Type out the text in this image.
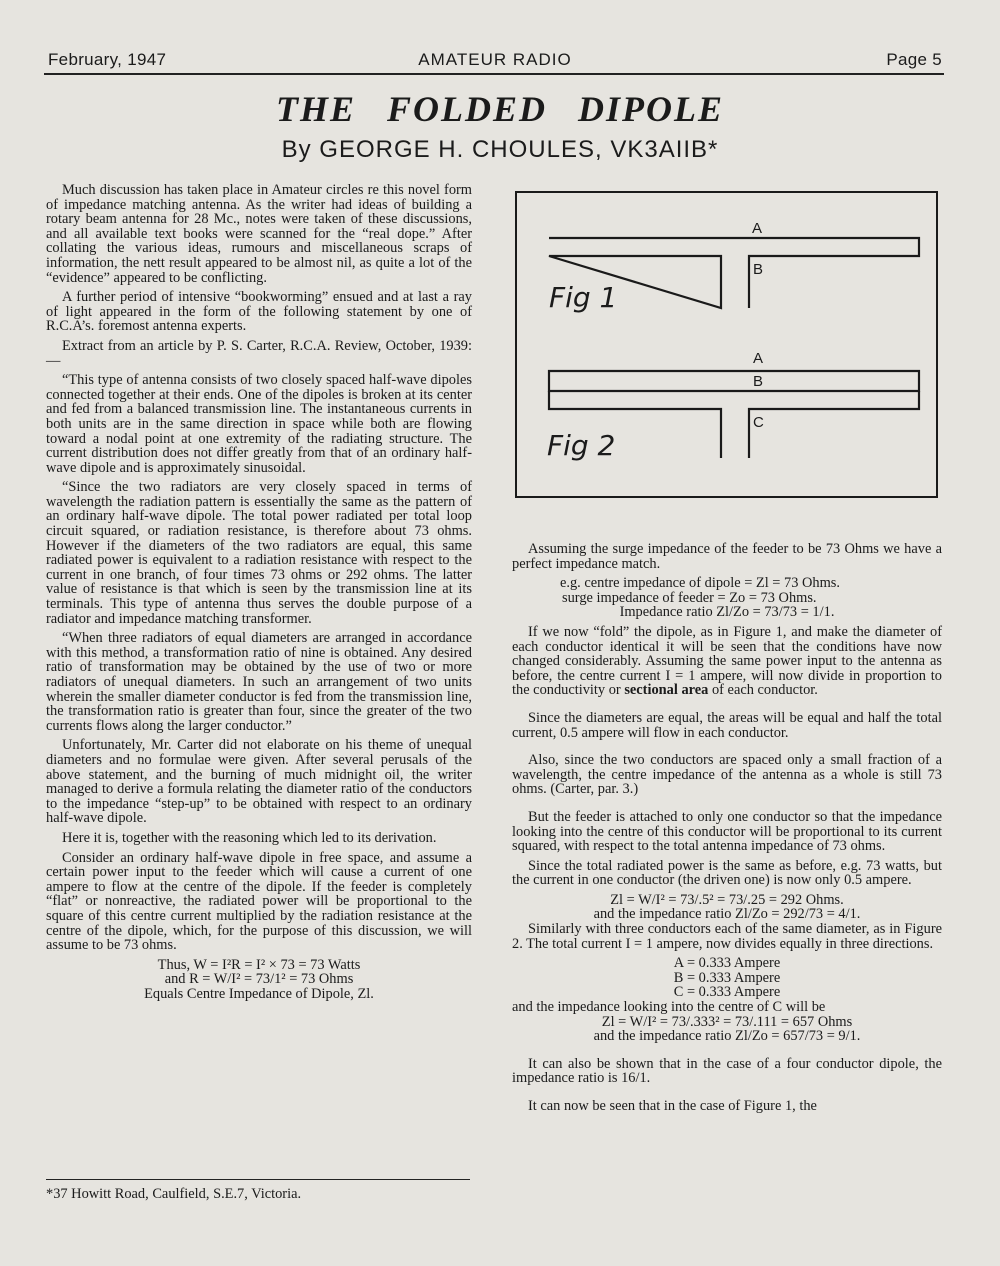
February, 1947	AMATEUR RADIO	Page 5
THE FOLDED DIPOLE
By GEORGE H. CHOULES, VK3AIIB*

Much discussion has taken place in Amateur circles re this novel form of impedance matching antenna. As the writer had ideas of building a rotary beam antenna for 28 Mc., notes were taken of these discussions, and all available text books were scanned for the “real dope.” After collating the various ideas, rumours and miscellaneous scraps of information, the nett result appeared to be almost nil, as quite a lot of the “evidence” appeared to be conflicting.

A further period of intensive “bookworming” ensued and at last a ray of light appeared in the form of the following statement by one of R.C.A’s. foremost antenna experts.

Extract from an article by P. S. Carter, R.C.A. Review, October, 1939:—

“This type of antenna consists of two closely spaced half-wave dipoles connected together at their ends. One of the dipoles is broken at its center and fed from a balanced transmission line. The instantaneous currents in both units are in the same direction in space while both are flowing toward a nodal point at one extremity of the radiating structure. The current distribution does not differ greatly from that of an ordinary half-wave dipole and is approximately sinusoidal.

“Since the two radiators are very closely spaced in terms of wavelength the radiation pattern is essentially the same as the pattern of an ordinary half-wave dipole. The total power radiated per total loop circuit squared, or radiation resistance, is therefore about 73 ohms. However if the diameters of the two radiators are equal, this same radiated power is equivalent to a radiation resistance with respect to the current in one branch, of four times 73 ohms or 292 ohms. The latter value of resistance is that which is seen by the transmission line at its terminals. This type of antenna thus serves the double purpose of a radiator and impedance matching transformer.

“When three radiators of equal diameters are arranged in accordance with this method, a transformation ratio of nine is obtained. Any desired ratio of transformation may be obtained by the use of two or more radiators of unequal diameters. In such an arrangement of two units wherein the smaller diameter conductor is fed from the transmission line, the transformation ratio is greater than four, since the greater of the two currents flows along the larger conductor.”

Unfortunately, Mr. Carter did not elaborate on his theme of unequal diameters and no formulae were given. After several perusals of the above statement, and the burning of much midnight oil, the writer managed to derive a formula relating the diameter ratio of the conductors to the impedance “step-up” to be obtained with respect to an ordinary half-wave dipole.

Here it is, together with the reasoning which led to its derivation.

Consider an ordinary half-wave dipole in free space, and assume a certain power input to the feeder which will cause a current of one ampere to flow at the centre of the dipole. If the feeder is completely “flat” or nonreactive, the radiated power will be proportional to the square of this centre current multiplied by the radiation resistance at the centre of the dipole, which, for the purpose of this discussion, we will assume to be 73 ohms.

Thus, W = I²R = I² × 73 = 73 Watts

and R = W/I² = 73/1² = 73 Ohms

Equals Centre Impedance of Dipole, Zl.

*37 Howitt Road, Caulfield, S.E.7, Victoria.
A
B
Fig 1
A
B
C
Fig 2

Assuming the surge impedance of the feeder to be 73 Ohms we have a perfect impedance match.

e.g. centre impedance of dipole = Zl = 73 Ohms.

surge impedance of feeder = Zo = 73 Ohms.

Impedance ratio Zl/Zo = 73/73 = 1/1.

If we now “fold” the dipole, as in Figure 1, and make the diameter of each conductor identical it will be seen that the conditions have now changed considerably. Assuming the same power input to the antenna as before, the centre current I = 1 ampere, will now divide in proportion to the conductivity or sectional area of each conductor.

Since the diameters are equal, the areas will be equal and half the total current, 0.5 ampere will flow in each conductor.

Also, since the two conductors are spaced only a small fraction of a wavelength, the centre impedance of the antenna as a whole is still 73 ohms. (Carter, par. 3.)

But the feeder is attached to only one conductor so that the impedance looking into the centre of this conductor will be proportional to its current squared, with respect to the total antenna impedance of 73 ohms.

Since the total radiated power is the same as before, e.g. 73 watts, but the current in one conductor (the driven one) is now only 0.5 ampere.

Zl = W/I² = 73/.5² = 73/.25 = 292 Ohms.

and the impedance ratio Zl/Zo = 292/73 = 4/1.

Similarly with three conductors each of the same diameter, as in Figure 2. The total current I = 1 ampere, now divides equally in three directions.

A = 0.333 Ampere

B = 0.333 Ampere

C = 0.333 Ampere

and the impedance looking into the centre of C will be

Zl = W/I² = 73/.333² = 73/.111 = 657 Ohms

and the impedance ratio Zl/Zo = 657/73 = 9/1.

It can also be shown that in the case of a four conductor dipole, the impedance ratio is 16/1.

It can now be seen that in the case of Figure 1, the
